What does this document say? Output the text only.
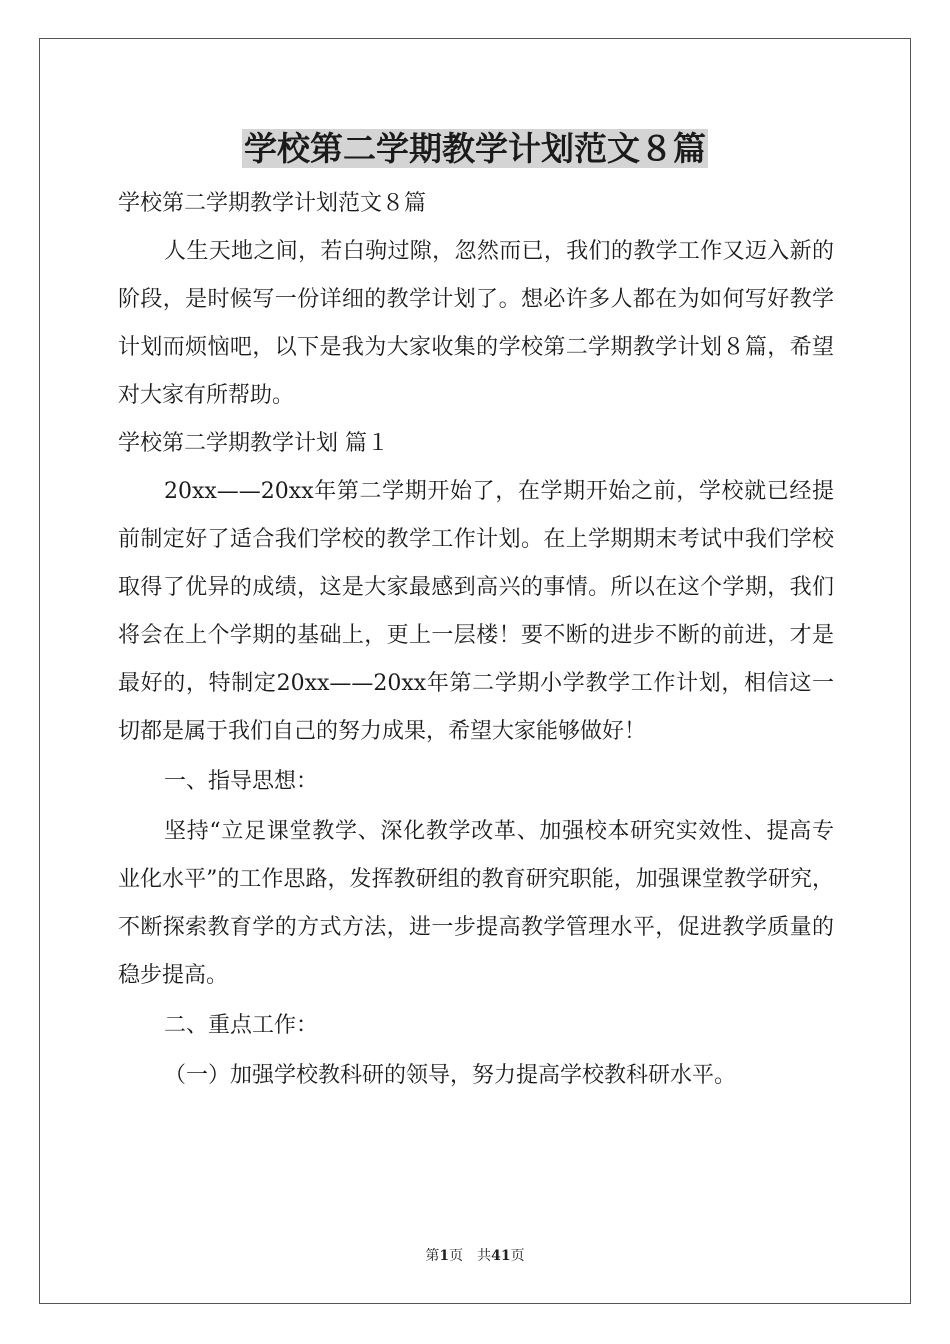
学校第二学期教学计划范文８篇

学校第二学期教学计划范文８篇

人生天地之间，若白驹过隙，忽然而已，我们的教学工作又迈入新的阶段，是时候写一份详细的教学计划了。想必许多人都在为如何写好教学计划而烦恼吧，以下是我为大家收集的学校第二学期教学计划８篇，希望对大家有所帮助。

学校第二学期教学计划 篇１

20xx——20xx年第二学期开始了，在学期开始之前，学校就已经提前制定好了适合我们学校的教学工作计划。在上学期期末考试中我们学校取得了优异的成绩，这是大家最感到高兴的事情。所以在这个学期，我们将会在上个学期的基础上，更上一层楼！要不断的进步不断的前进，才是最好的，特制定20xx——20xx年第二学期小学教学工作计划，相信这一切都是属于我们自己的努力成果，希望大家能够做好！

一、指导思想：

坚持“立足课堂教学、深化教学改革、加强校本研究实效性、提高专业化水平”的工作思路，发挥教研组的教育研究职能，加强课堂教学研究，不断探索教育学的方式方法，进一步提高教学管理水平，促进教学质量的稳步提高。

二、重点工作：

（一）加强学校教科研的领导，努力提高学校教科研水平。

第1页 共41页
